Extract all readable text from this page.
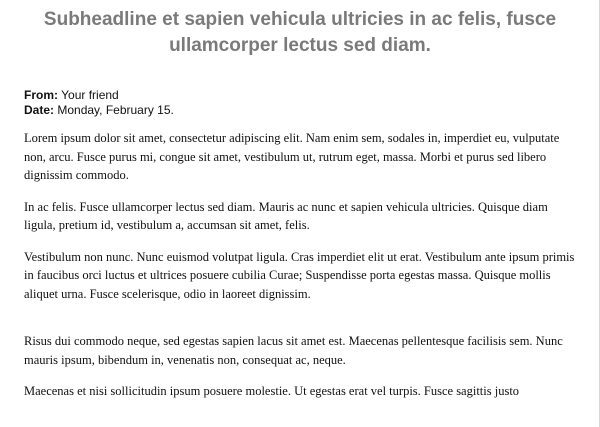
Subheadline et sapien vehicula ultricies in ac felis, fusce ullamcorper lectus sed diam.
From: Your friend
Date: Monday, February 15.

Lorem ipsum dolor sit amet, consectetur adipiscing elit. Nam enim sem, sodales in, imperdiet eu, vulputate non, arcu. Fusce purus mi, congue sit amet, vestibulum ut, rutrum eget, massa. Morbi et purus sed libero dignissim commodo.

In ac felis. Fusce ullamcorper lectus sed diam. Mauris ac nunc et sapien vehicula ultricies. Quisque diam ligula, pretium id, vestibulum a, accumsan sit amet, felis.

Vestibulum non nunc. Nunc euismod volutpat ligula. Cras imperdiet elit ut erat. Vestibulum ante ipsum primis in faucibus orci luctus et ultrices posuere cubilia Curae; Suspendisse porta egestas massa. Quisque mollis aliquet urna. Fusce scelerisque, odio in laoreet dignissim.

Risus dui commodo neque, sed egestas sapien lacus sit amet est. Maecenas pellentesque facilisis sem. Nunc mauris ipsum, bibendum in, venenatis non, consequat ac, neque.

Maecenas et nisi sollicitudin ipsum posuere molestie. Ut egestas erat vel turpis. Fusce sagittis justo
